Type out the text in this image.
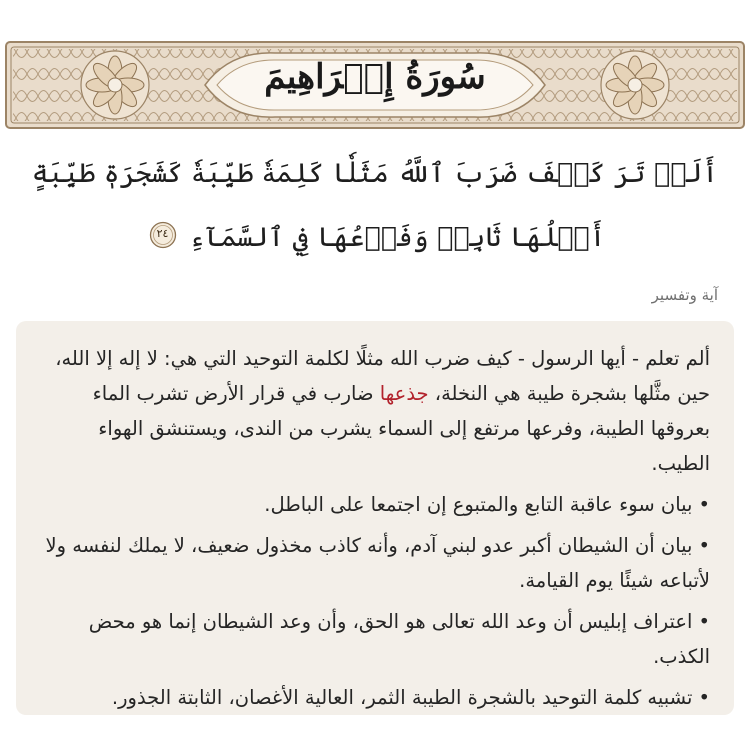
سُورَةُ إِبۡرَاهِيمَ
أَلَمۡ تَرَ كَيۡفَ ضَرَبَ ٱللَّهُ مَثَلٗا كَلِمَةٗ طَيِّبَةٗ كَشَجَرَةٖ طَيِّبَةٍ أَصۡلُهَا ثَابِتٞ وَفَرۡعُهَا فِي ٱلسَّمَآءِ
٢٤
آية وتفسير

ألم تعلم - أيها الرسول - كيف ضرب الله مثلًا لكلمة التوحيد التي هي: لا إله إلا الله، حين مثَّلها بشجرة طيبة هي النخلة، جذعها ضارب في قرار الأرض تشرب الماء بعروقها الطيبة، وفرعها مرتفع إلى السماء يشرب من الندى، ويستنشق الهواء الطيب.

•بيان سوء عاقبة التابع والمتبوع إن اجتمعا على الباطل.
•بيان أن الشيطان أكبر عدو لبني آدم، وأنه كاذب مخذول ضعيف، لا يملك لنفسه ولا لأتباعه شيئًا يوم القيامة.
•اعتراف إبليس أن وعد الله تعالى هو الحق، وأن وعد الشيطان إنما هو محض الكذب.
•تشبيه كلمة التوحيد بالشجرة الطيبة الثمر، العالية الأغصان، الثابتة الجذور.
